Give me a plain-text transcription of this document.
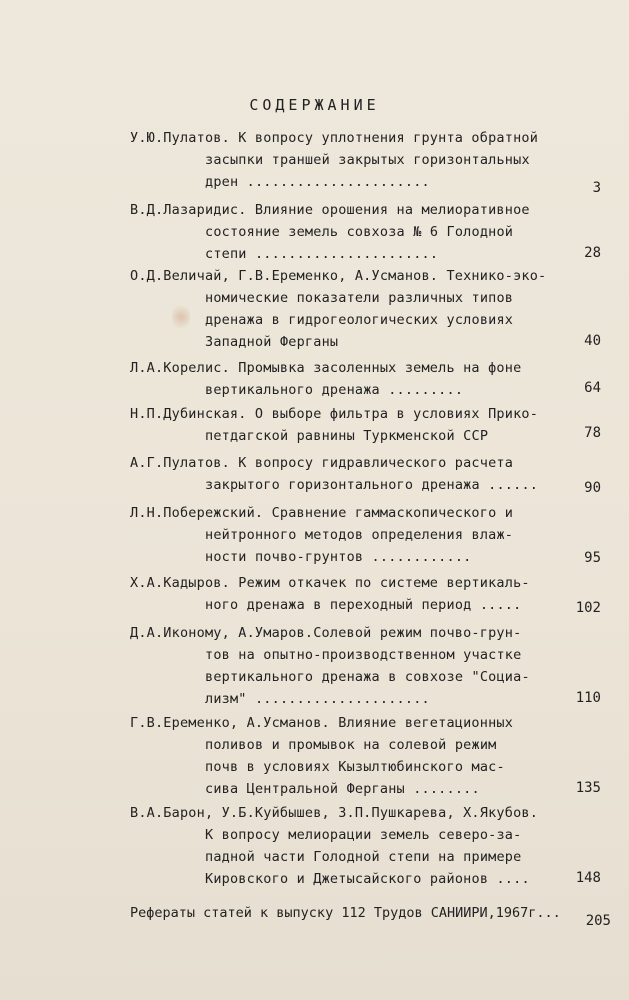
СОДЕРЖАНИЕ
У.Ю.Пулатов. К вопросу уплотнения грунта обратной
засыпки траншей закрытых горизонтальных
дрен ......................	3
В.Д.Лазаридис. Влияние орошения на мелиоративное
состояние земель совхоза № 6 Голодной
степи ......................	28
О.Д.Величай, Г.В.Еременко, А.Усманов. Технико-эко-
номические показатели различных типов
дренажа в гидрогеологических условиях
Западной Ферганы	40
Л.А.Корелис. Промывка засоленных земель на фоне
вертикального дренажа .........	64
Н.П.Дубинская. О выборе фильтра в условиях Прико-
петдагской равнины Туркменской ССР	78
А.Г.Пулатов. К вопросу гидравлического расчета
закрытого горизонтального дренажа ......	90
Л.Н.Побережский. Сравнение гаммаскопического и
нейтронного методов определения влаж-
ности почво-грунтов ............	95
Х.А.Кадыров. Режим откачек по системе вертикаль-
ного дренажа в переходный период .....	102
Д.А.Икономy, А.Умаров.Солевой режим почво-грун-
тов на опытно-производственном участке
вертикального дренажа в совхозе "Социа-
лизм" .....................	110
Г.В.Еременко, А.Усманов. Влияние вегетационных
поливов и промывок на солевой режим
почв в условиях Кызылтюбинского мас-
сива Центральной Ферганы ........	135
В.А.Барон, У.Б.Куйбышев, З.П.Пушкарева, Х.Якубов.
К вопросу мелиорации земель северо-за-
падной части Голодной степи на примере
Кировского и Джетысайского районов ....	148
Рефераты статей к выпуску 112 Трудов САНИИРИ,1967г... 205
